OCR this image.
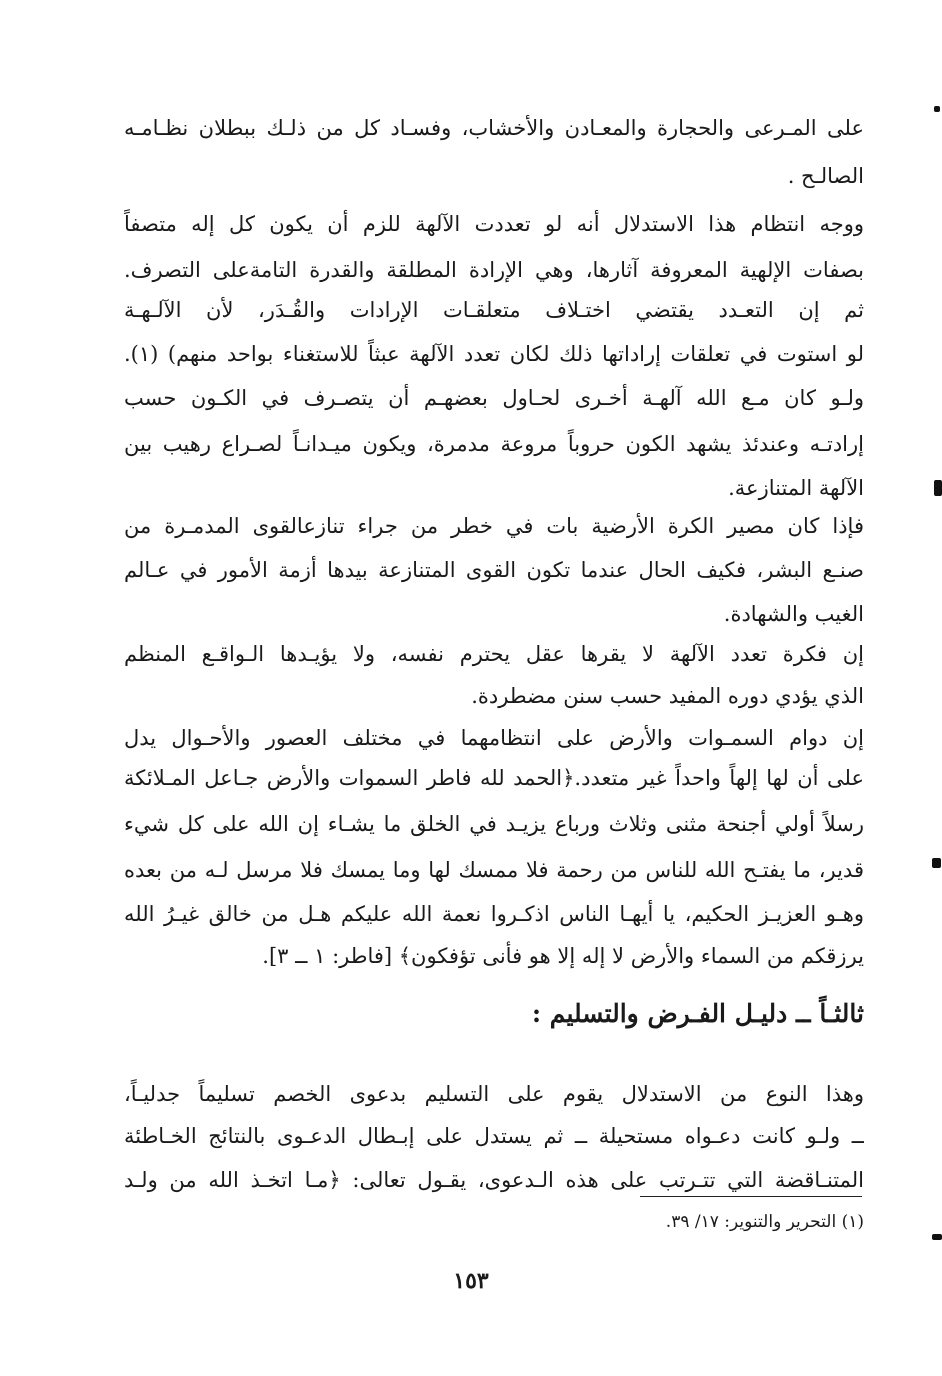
على المـرعى والحجارة والمعـادن والأخشاب، وفسـاد كل من ذلـك ببطلان نظـامـه
الصالـح .
ووجه انتظام هذا الاستدلال أنه لو تعددت الآلهة للزم أن يكون كل إله متصفاً
بصفات الإلهية المعروفة آثارها، وهي الإرادة المطلقة والقدرة التامةعلى التصرف.
ثم إن التعـدد يقتضي اختـلاف متعلقـات الإرادات والقُـدَر، لأن الآلـهـة
لو استوت في تعلقات إراداتها ذلك لكان تعدد الآلهة عبثاً للاستغناء بواحد منهم) (١).
ولـو كان مـع الله آلهـة أخـرى لحـاول بعضهـم أن يتصـرف في الكـون حسب
إرادتـه وعندئذ يشهد الكون حروباً مروعة مدمرة، ويكون ميـدانـاً لصـراع رهيب بين
الآلهة المتنازعة.
فإذا كان مصير الكرة الأرضية بات في خطر من جراء تنازعالقوى المدمـرة من
صنـع البشر، فكيف الحال عندما تكون القوى المتنازعة بيدها أزمة الأمور في عـالم
الغيب والشهادة.
إن فكرة تعدد الآلهة لا يقرها عقل يحترم نفسه، ولا يؤيـدها الـواقـع المنظم
الذي يؤدي دوره المفيد حسب سنن مضطردة.
إن دوام السمـوات والأرض على انتظامهما في مختلف العصور والأحـوال يدل
على أن لها إلهاً واحداً غير متعدد.﴿الحمد لله فاطر السموات والأرض جـاعل المـلائكة
رسلاً أولي أجنحة مثنى وثلاث ورباع يزيـد في الخلق ما يشـاء إن الله على كل شيء
قدير، ما يفتـح الله للناس من رحمة فلا ممسك لها وما يمسك فلا مرسل لـه من بعده
وهـو العزيـز الحكيم، يا أيهـا الناس اذكـروا نعمة الله عليكم هـل من خالق غيـرُ الله
يرزقكم من السماء والأرض لا إله إلا هو فأنى تؤفكون﴾ [فاطر: ١ ــ ٣].
ثالثـاً ــ دليـل الفـرض والتسليم :
وهذا النوع من الاستدلال يقوم على التسليم بدعوى الخصم تسليماً جدليـاً،
ــ ولـو كانت دعـواه مستحيلة ــ ثم يستدل على إبـطال الدعـوى بالنتائج الخـاطئة
المتنـاقضة التي تتـرتب على هذه الـدعوى، يقـول تعالى: ﴿مـا اتخـذ الله من ولـد
(١) التحرير والتنوير: ١٧/ ٣٩.
١٥٣
